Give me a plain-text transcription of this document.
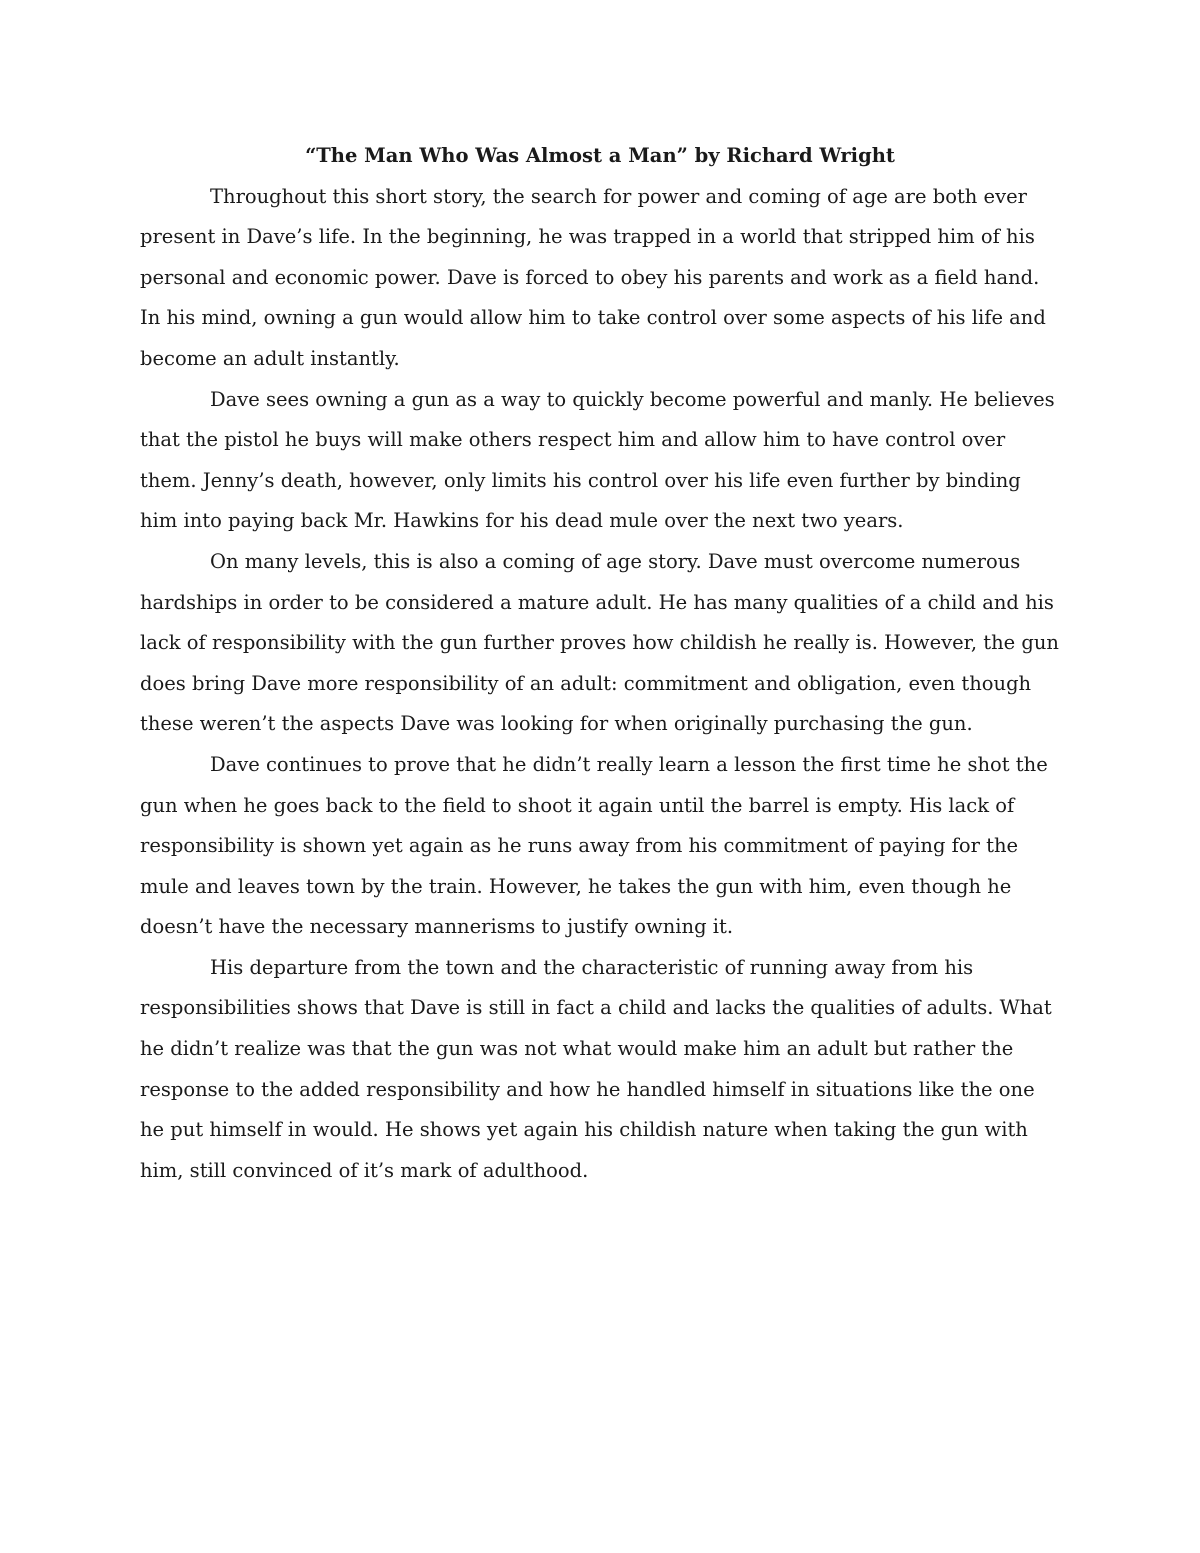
“The Man Who Was Almost a Man” by Richard Wright

Throughout this short story, the search for power and coming of age are both ever present in Dave’s life. In the beginning, he was trapped in a world that stripped him of his personal and economic power. Dave is forced to obey his parents and work as a field hand. In his mind, owning a gun would allow him to take control over some aspects of his life and become an adult instantly.

Dave sees owning a gun as a way to quickly become powerful and manly. He believes that the pistol he buys will make others respect him and allow him to have control over them. Jenny’s death, however, only limits his control over his life even further by binding him into paying back Mr. Hawkins for his dead mule over the next two years.

On many levels, this is also a coming of age story. Dave must overcome numerous hardships in order to be considered a mature adult. He has many qualities of a child and his lack of responsibility with the gun further proves how childish he really is. However, the gun does bring Dave more responsibility of an adult: commitment and obligation, even though these weren’t the aspects Dave was looking for when originally purchasing the gun.

Dave continues to prove that he didn’t really learn a lesson the first time he shot the gun when he goes back to the field to shoot it again until the barrel is empty. His lack of responsibility is shown yet again as he runs away from his commitment of paying for the mule and leaves town by the train. However, he takes the gun with him, even though he doesn’t have the necessary mannerisms to justify owning it.

His departure from the town and the characteristic of running away from his responsibilities shows that Dave is still in fact a child and lacks the qualities of adults. What he didn’t realize was that the gun was not what would make him an adult but rather the response to the added responsibility and how he handled himself in situations like the one he put himself in would. He shows yet again his childish nature when taking the gun with him, still convinced of it’s mark of adulthood.
